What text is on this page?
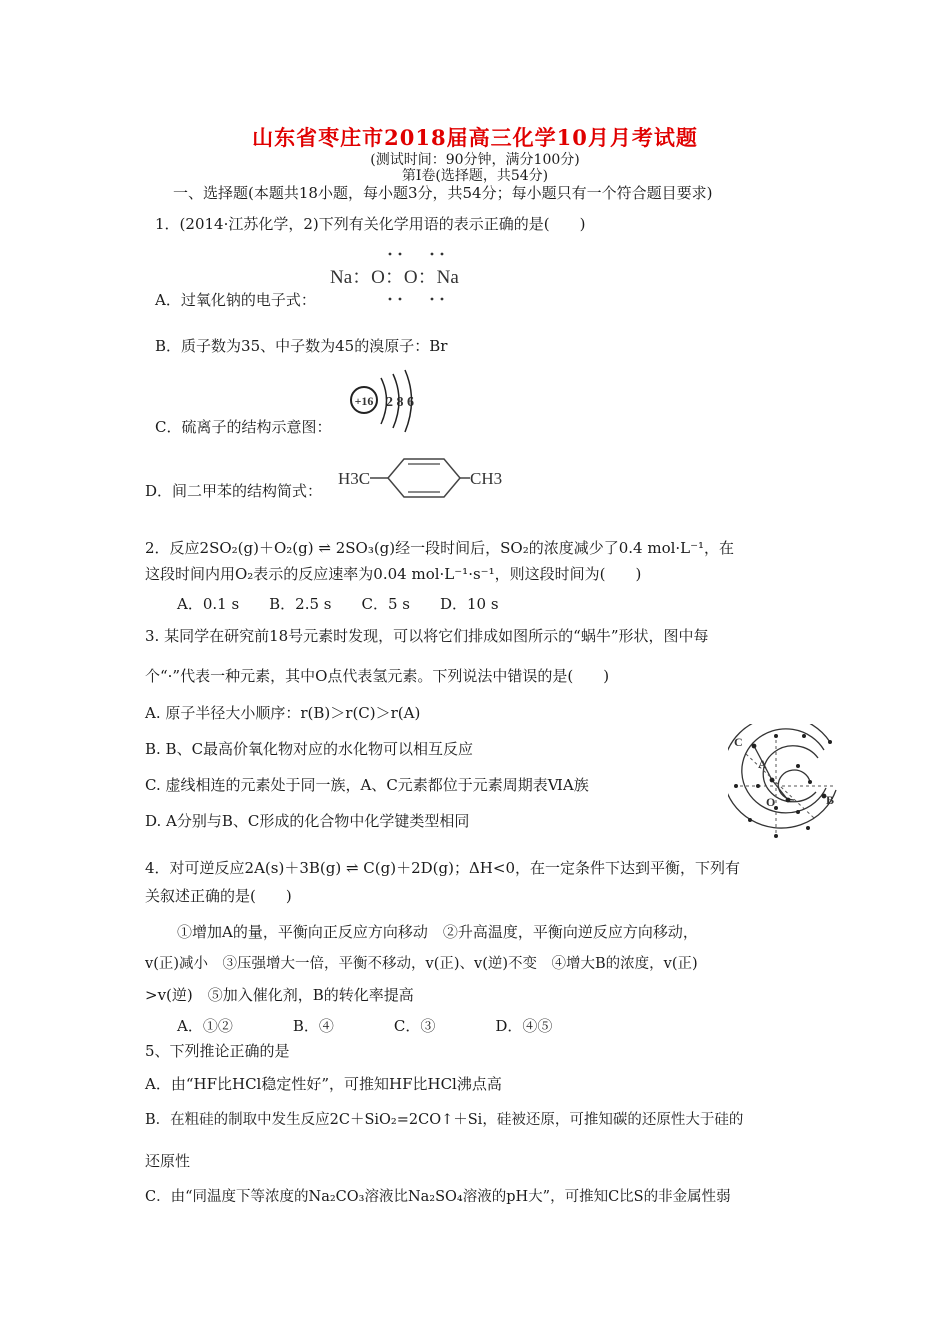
山东省枣庄市2018届高三化学10月月考试题
(测试时间：90分钟，满分100分)
第Ⅰ卷(选择题，共54分)
一、选择题(本题共18小题，每小题3分，共54分；每小题只有一个符合题目要求)
1．(2014·江苏化学，2)下列有关化学用语的表示正确的是(　　)
Na：O：O：Na
A．过氧化钠的电子式：
B．质子数为35、中子数为45的溴原子：Br
+16 2 8 6
C．硫离子的结构示意图：
H3C	CH3
D．间二甲苯的结构简式：
2．反应2SO₂(g)＋O₂(g) ⇌ 2SO₃(g)经一段时间后，SO₂的浓度减少了0.4 mol·L⁻¹，在
这段时间内用O₂表示的反应速率为0.04 mol·L⁻¹·s⁻¹，则这段时间为(　　)
A．0.1 s　　B．2.5 s　　C．5 s　　D．10 s
3. 某同学在研究前18号元素时发现，可以将它们排成如图所示的“蜗牛”形状，图中每
个“·”代表一种元素，其中O点代表氢元素。下列说法中错误的是(　　)
A. 原子半径大小顺序：r(B)＞r(C)＞r(A)
B. B、C最高价氧化物对应的水化物可以相互反应
C. 虚线相连的元素处于同一族，A、C元素都位于元素周期表ⅥA族
D. A分别与B、C形成的化合物中化学键类型相同
C
A
O	B
4．对可逆反应2A(s)＋3B(g) ⇌ C(g)＋2D(g)；ΔH<0，在一定条件下达到平衡，下列有
关叙述正确的是(　　)
①增加A的量，平衡向正反应方向移动　②升高温度，平衡向逆反应方向移动，
v(正)减小　③压强增大一倍，平衡不移动，v(正)、v(逆)不变　④增大B的浓度，v(正)
>v(逆)　⑤加入催化剂，B的转化率提高
A．①②　　　　B．④　　　　C．③　　　　D．④⑤
5、下列推论正确的是
A．由“HF比HCl稳定性好”，可推知HF比HCl沸点高
B．在粗硅的制取中发生反应2C＋SiO₂=2CO↑＋Si，硅被还原，可推知碳的还原性大于硅的
还原性
C．由“同温度下等浓度的Na₂CO₃溶液比Na₂SO₄溶液的pH大”，可推知C比S的非金属性弱
